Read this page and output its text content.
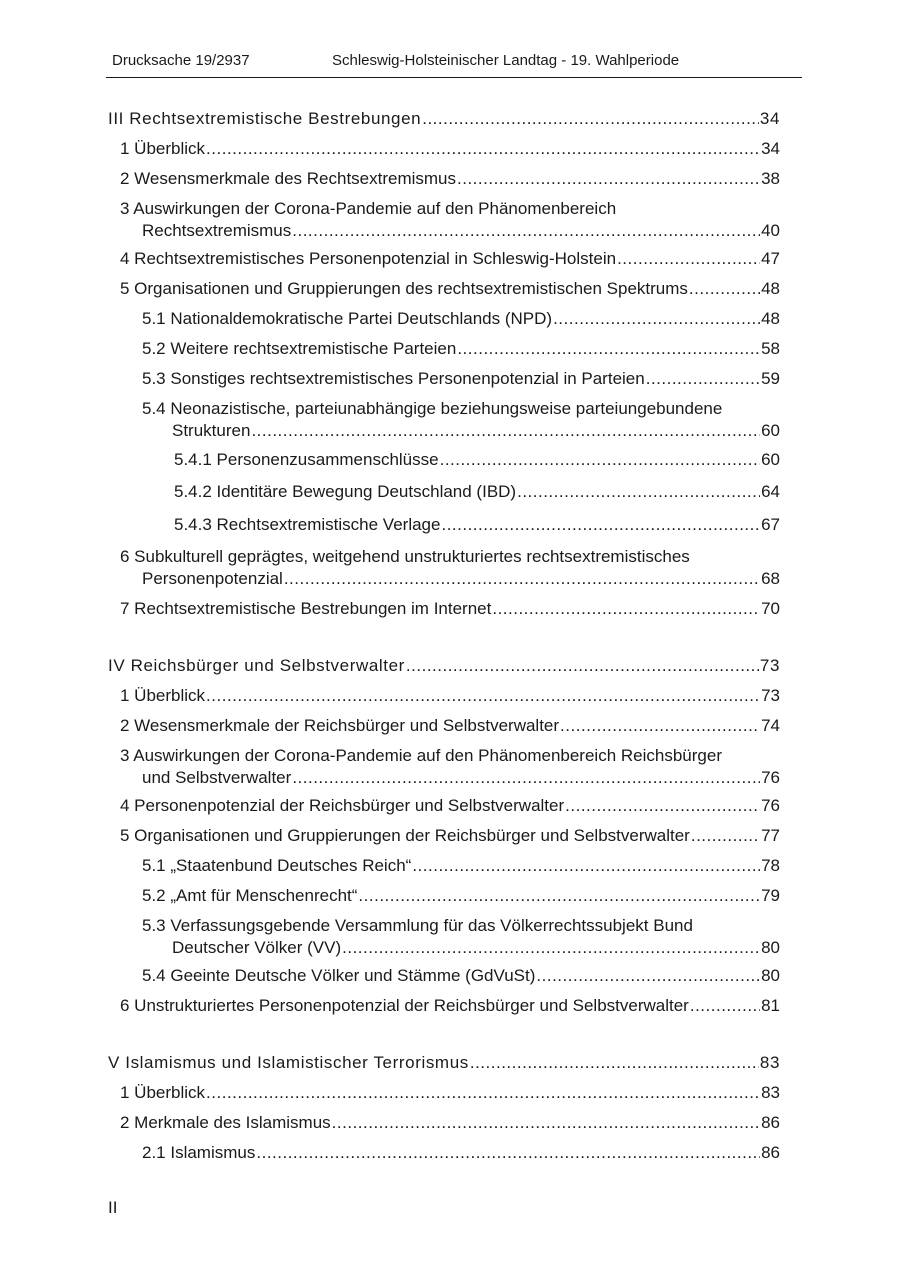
Drucksache 19/2937	Schleswig-Holsteinischer Landtag - 19. Wahlperiode
III Rechtsextremistische Bestrebungen .....	34
1 Überblick .....	34
2 Wesensmerkmale des Rechtsextremismus .....	38
3 Auswirkungen der Corona-Pandemie auf den Phänomenbereich
Rechtsextremismus .....	40
4 Rechtsextremistisches Personenpotenzial in Schleswig-Holstein .....	47
5 Organisationen und Gruppierungen des rechtsextremistischen Spektrums .....	48
5.1 Nationaldemokratische Partei Deutschlands (NPD) .....	48
5.2 Weitere rechtsextremistische Parteien .....	58
5.3 Sonstiges rechtsextremistisches Personenpotenzial in Parteien .....	59
5.4 Neonazistische, parteiunabhängige beziehungsweise parteiungebundene
Strukturen .....	60
5.4.1 Personenzusammenschlüsse .....	60
5.4.2 Identitäre Bewegung Deutschland (IBD) .....	64
5.4.3 Rechtsextremistische Verlage .....	67
6 Subkulturell geprägtes, weitgehend unstrukturiertes rechtsextremistisches
Personenpotenzial .....	68
7 Rechtsextremistische Bestrebungen im Internet .....	70
IV Reichsbürger und Selbstverwalter .....	73
1 Überblick .....	73
2 Wesensmerkmale der Reichsbürger und Selbstverwalter .....	74
3 Auswirkungen der Corona-Pandemie auf den Phänomenbereich Reichsbürger
und Selbstverwalter .....	76
4 Personenpotenzial der Reichsbürger und Selbstverwalter .....	76
5 Organisationen und Gruppierungen der Reichsbürger und Selbstverwalter .....	77
5.1 „Staatenbund Deutsches Reich“ .....	78
5.2 „Amt für Menschenrecht“ .....	79
5.3 Verfassungsgebende Versammlung für das Völkerrechtssubjekt Bund
Deutscher Völker (VV) .....	80
5.4 Geeinte Deutsche Völker und Stämme (GdVuSt) .....	80
6 Unstrukturiertes Personenpotenzial der Reichsbürger und Selbstverwalter .....	81
V Islamismus und Islamistischer Terrorismus .....	83
1 Überblick .....	83
2 Merkmale des Islamismus .....	86
2.1 Islamismus .....	86
II
